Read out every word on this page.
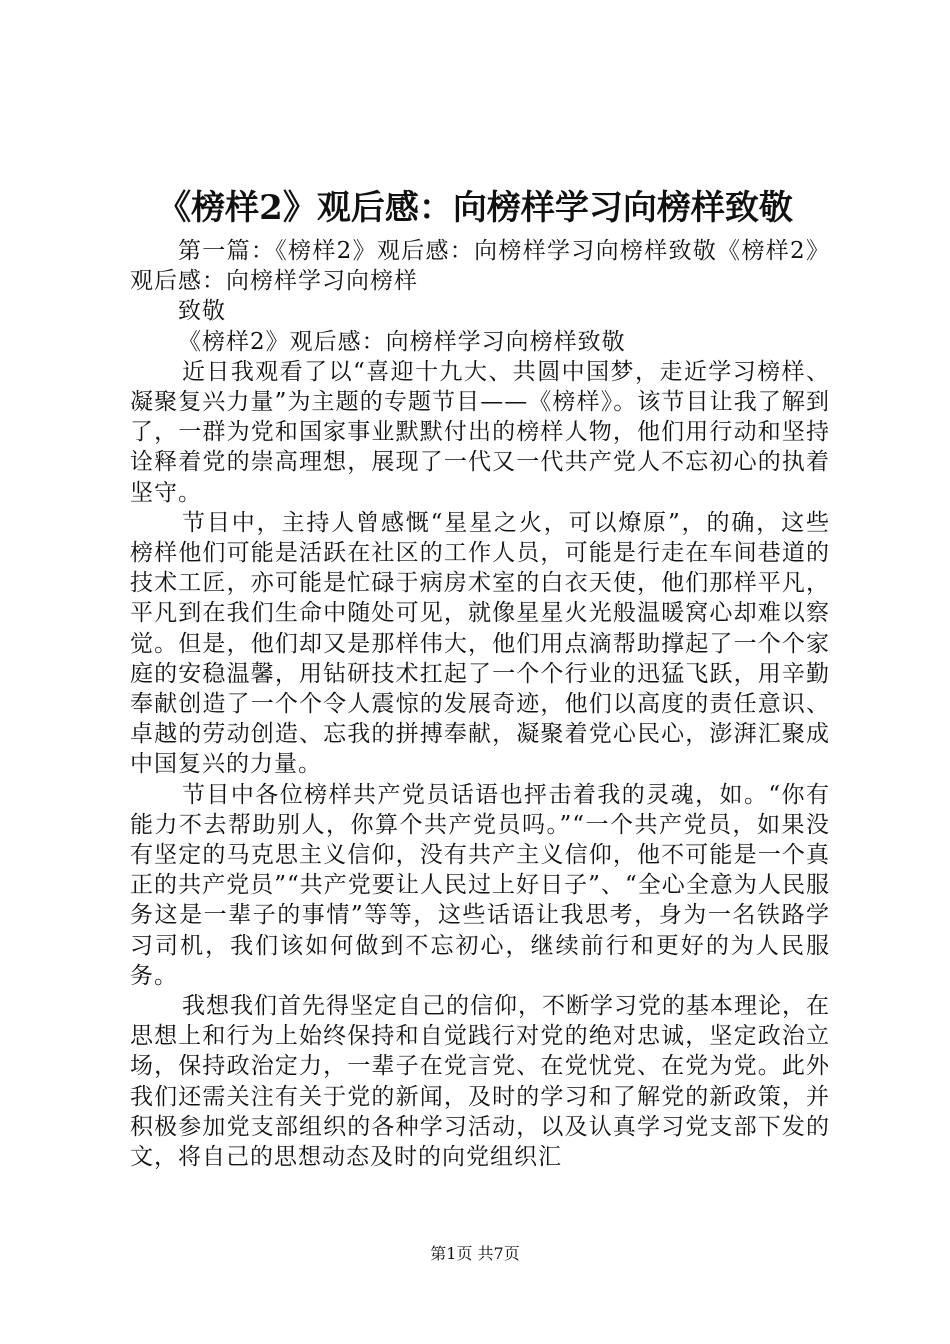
《榜样2》观后感：向榜样学习向榜样致敬

第一篇：《榜样2》观后感：向榜样学习向榜样致敬《榜样2》观后感：向榜样学习向榜样

致敬

《榜样2》观后感：向榜样学习向榜样致敬

近日我观看了以“喜迎十九大、共圆中国梦，走近学习榜样、凝聚复兴力量”为主题的专题节目——《榜样》。该节目让我了解到了，一群为党和国家事业默默付出的榜样人物，他们用行动和坚持诠释着党的崇高理想，展现了一代又一代共产党人不忘初心的执着坚守。

节目中，主持人曾感慨“星星之火，可以燎原”，的确，这些榜样他们可能是活跃在社区的工作人员，可能是行走在车间巷道的技术工匠，亦可能是忙碌于病房术室的白衣天使，他们那样平凡，平凡到在我们生命中随处可见，就像星星火光般温暖窝心却难以察觉。但是，他们却又是那样伟大，他们用点滴帮助撑起了一个个家庭的安稳温馨，用钻研技术扛起了一个个行业的迅猛飞跃，用辛勤奉献创造了一个个令人震惊的发展奇迹，他们以高度的责任意识、卓越的劳动创造、忘我的拼搏奉献，凝聚着党心民心，澎湃汇聚成中国复兴的力量。

节目中各位榜样共产党员话语也抨击着我的灵魂，如。“你有能力不去帮助别人，你算个共产党员吗。”“一个共产党员，如果没有坚定的马克思主义信仰，没有共产主义信仰，他不可能是一个真正的共产党员”“共产党要让人民过上好日子”、“全心全意为人民服务这是一辈子的事情”等等，这些话语让我思考，身为一名铁路学习司机，我们该如何做到不忘初心，继续前行和更好的为人民服务。

我想我们首先得坚定自己的信仰，不断学习党的基本理论，在思想上和行为上始终保持和自觉践行对党的绝对忠诚，坚定政治立场，保持政治定力，一辈子在党言党、在党忧党、在党为党。此外我们还需关注有关于党的新闻，及时的学习和了解党的新政策，并积极参加党支部组织的各种学习活动，以及认真学习党支部下发的文，将自己的思想动态及时的向党组织汇

第1页 共7页
